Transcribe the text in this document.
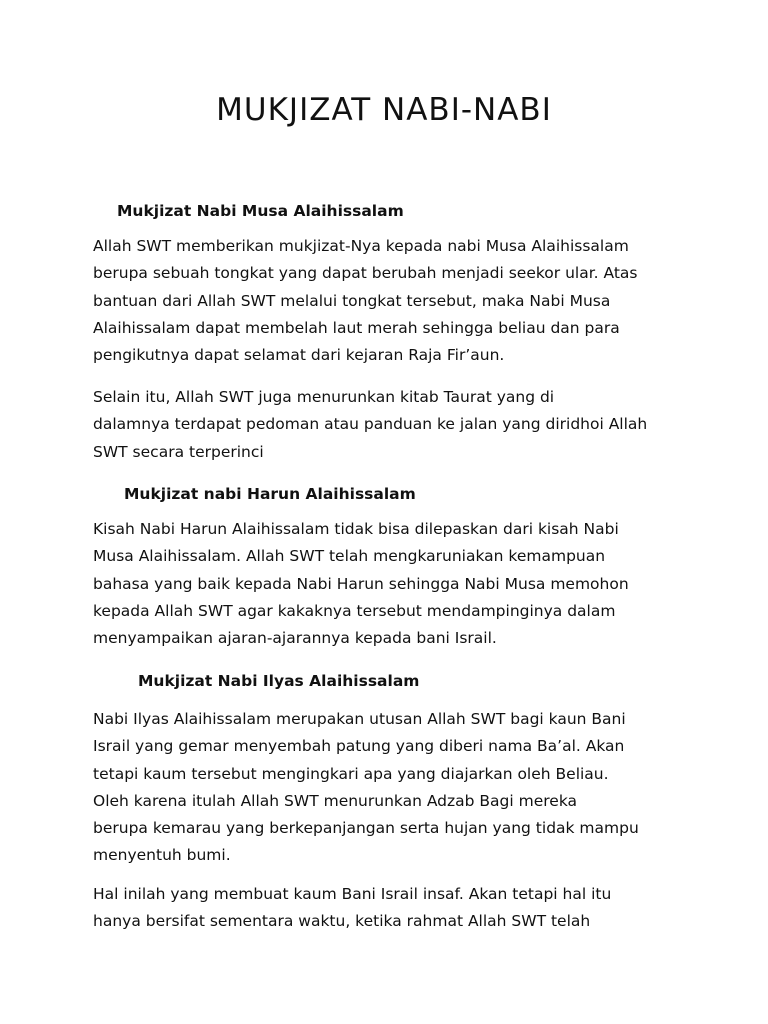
MUKJIZAT NABI-NABI
Mukjizat Nabi Musa Alaihissalam

Allah SWT memberikan mukjizat-Nya kepada nabi Musa Alaihissalam
berupa sebuah tongkat yang dapat berubah menjadi seekor ular. Atas
bantuan dari Allah SWT melalui tongkat tersebut, maka Nabi Musa
Alaihissalam dapat membelah laut merah sehingga beliau dan para
pengikutnya dapat selamat dari kejaran Raja Fir’aun.

Selain itu, Allah SWT juga menurunkan kitab Taurat yang di
dalamnya terdapat pedoman atau panduan ke jalan yang diridhoi Allah
SWT secara terperinci

Mukjizat nabi Harun Alaihissalam

Kisah Nabi Harun Alaihissalam tidak bisa dilepaskan dari kisah Nabi
Musa Alaihissalam. Allah SWT telah mengkaruniakan kemampuan
bahasa yang baik kepada Nabi Harun sehingga Nabi Musa memohon
kepada Allah SWT agar kakaknya tersebut mendampinginya dalam
menyampaikan ajaran-ajarannya kepada bani Israil.

Mukjizat Nabi Ilyas Alaihissalam

Nabi Ilyas Alaihissalam merupakan utusan Allah SWT bagi kaun Bani
Israil yang gemar menyembah patung yang diberi nama Ba’al. Akan
tetapi kaum tersebut mengingkari apa yang diajarkan oleh Beliau.
Oleh karena itulah Allah SWT menurunkan Adzab Bagi mereka
berupa kemarau yang berkepanjangan serta hujan yang tidak mampu
menyentuh bumi.

Hal inilah yang membuat kaum Bani Israil insaf. Akan tetapi hal itu
hanya bersifat sementara waktu, ketika rahmat Allah SWT telah
